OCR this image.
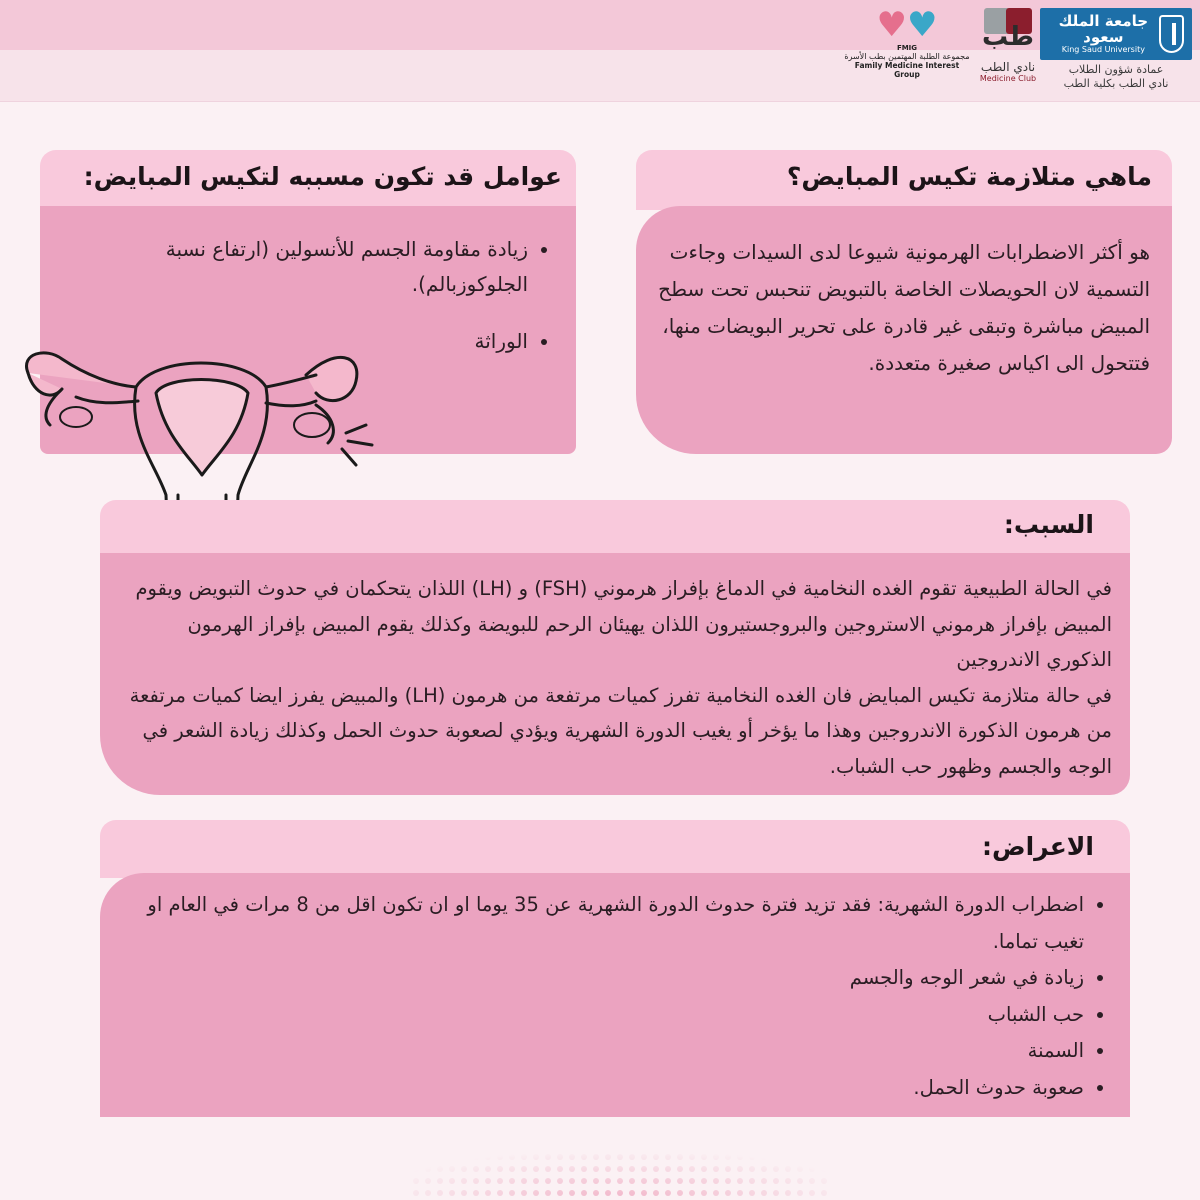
جامعة الملك سعود
King Saud University
عمادة شؤون الطلاب
نادي الطب بكلية الطب
طب
نادي الطب
Medicine Club
♥♥
FMIG
مجموعة الطلبة المهتمين بطب الأسرة
Family Medicine Interest Group
ماهي متلازمة تكيس المبايض؟

هو أكثر الاضطرابات الهرمونية شيوعا لدى السيدات وجاءت التسمية لان الحويصلات الخاصة بالتبويض تنحبس تحت سطح المبيض مباشرة وتبقى غير قادرة على تحرير البويضات منها، فتتحول الى اكياس صغيرة متعددة.

عوامل قد تكون مسببه لتكيس المبايض:
• زيادة مقاومة الجسم للأنسولين (ارتفاع نسبة الجلوكوزبالم).
• الوراثة
السبب:

في الحالة الطبيعية تقوم الغده النخامية في الدماغ بإفراز هرموني (FSH) و (LH) اللذان يتحكمان في حدوث التبويض ويقوم المبيض بإفراز هرموني الاستروجين والبروجستيرون اللذان يهيئان الرحم للبويضة وكذلك يقوم المبيض بإفراز الهرمون الذكوري الاندروجين

في حالة متلازمة تكيس المبايض فان الغده النخامية تفرز كميات مرتفعة من هرمون (LH) والمبيض يفرز ايضا كميات مرتفعة من هرمون الذكورة الاندروجين وهذا ما يؤخر أو يغيب الدورة الشهرية ويؤدي لصعوبة حدوث الحمل وكذلك زيادة الشعر في الوجه والجسم وظهور حب الشباب.

الاعراض:
• اضطراب الدورة الشهرية: فقد تزيد فترة حدوث الدورة الشهرية عن 35 يوما او ان تكون اقل من 8 مرات في العام او تغيب تماما.
• زيادة في شعر الوجه والجسم
• حب الشباب
• السمنة
• صعوبة حدوث الحمل.
